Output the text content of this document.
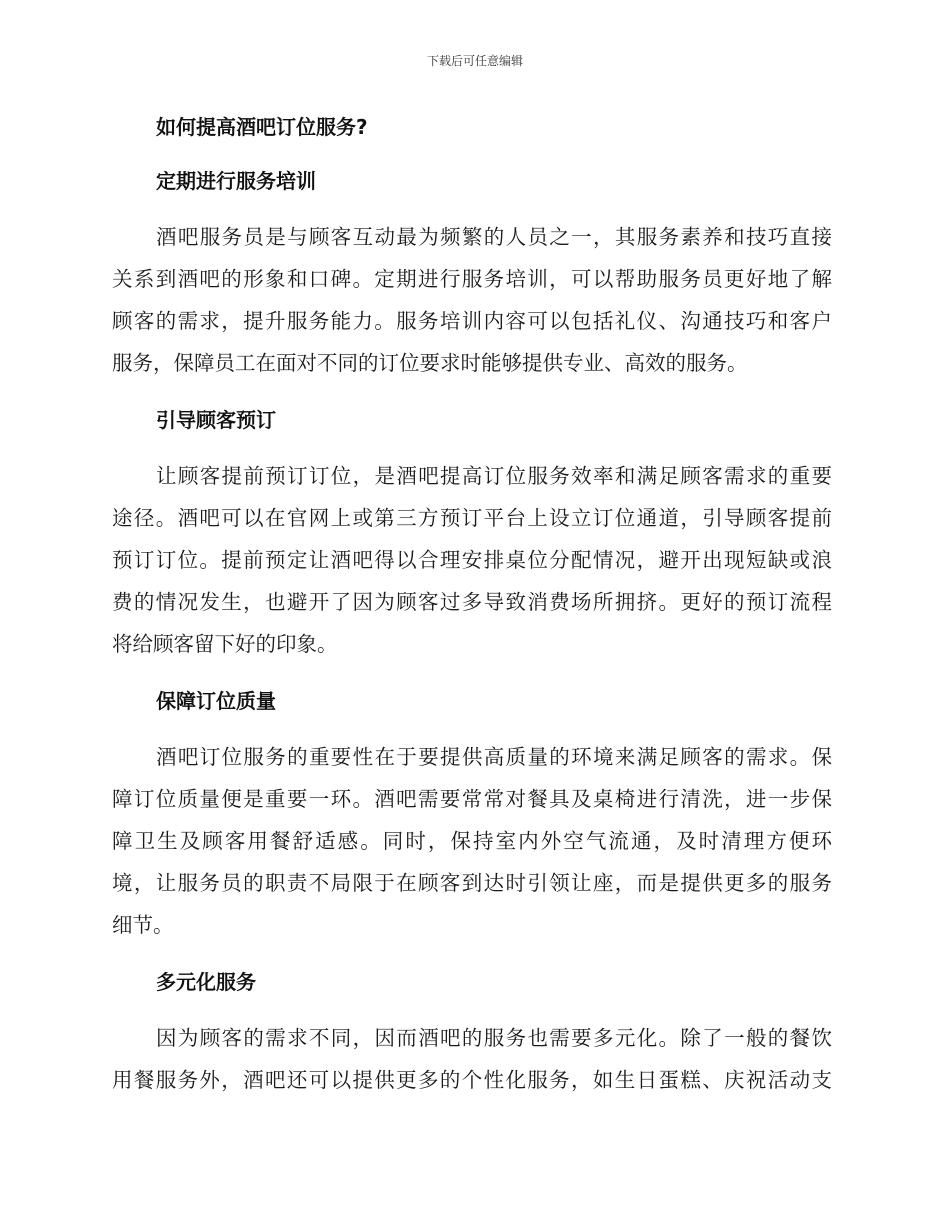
下载后可任意编辑
如何提高酒吧订位服务?
定期进行服务培训

酒吧服务员是与顾客互动最为频繁的人员之一，其服务素养和技巧直接
关系到酒吧的形象和口碑。定期进行服务培训，可以帮助服务员更好地了解
顾客的需求，提升服务能力。服务培训内容可以包括礼仪、沟通技巧和客户
服务，保障员工在面对不同的订位要求时能够提供专业、高效的服务。

引导顾客预订

让顾客提前预订订位，是酒吧提高订位服务效率和满足顾客需求的重要
途径。酒吧可以在官网上或第三方预订平台上设立订位通道，引导顾客提前
预订订位。提前预定让酒吧得以合理安排桌位分配情况，避开出现短缺或浪
费的情况发生，也避开了因为顾客过多导致消费场所拥挤。更好的预订流程
将给顾客留下好的印象。

保障订位质量

酒吧订位服务的重要性在于要提供高质量的环境来满足顾客的需求。保
障订位质量便是重要一环。酒吧需要常常对餐具及桌椅进行清洗，进一步保
障卫生及顾客用餐舒适感。同时，保持室内外空气流通，及时清理方便环
境，让服务员的职责不局限于在顾客到达时引领让座，而是提供更多的服务
细节。

多元化服务

因为顾客的需求不同，因而酒吧的服务也需要多元化。除了一般的餐饮
用餐服务外，酒吧还可以提供更多的个性化服务，如生日蛋糕、庆祝活动支
